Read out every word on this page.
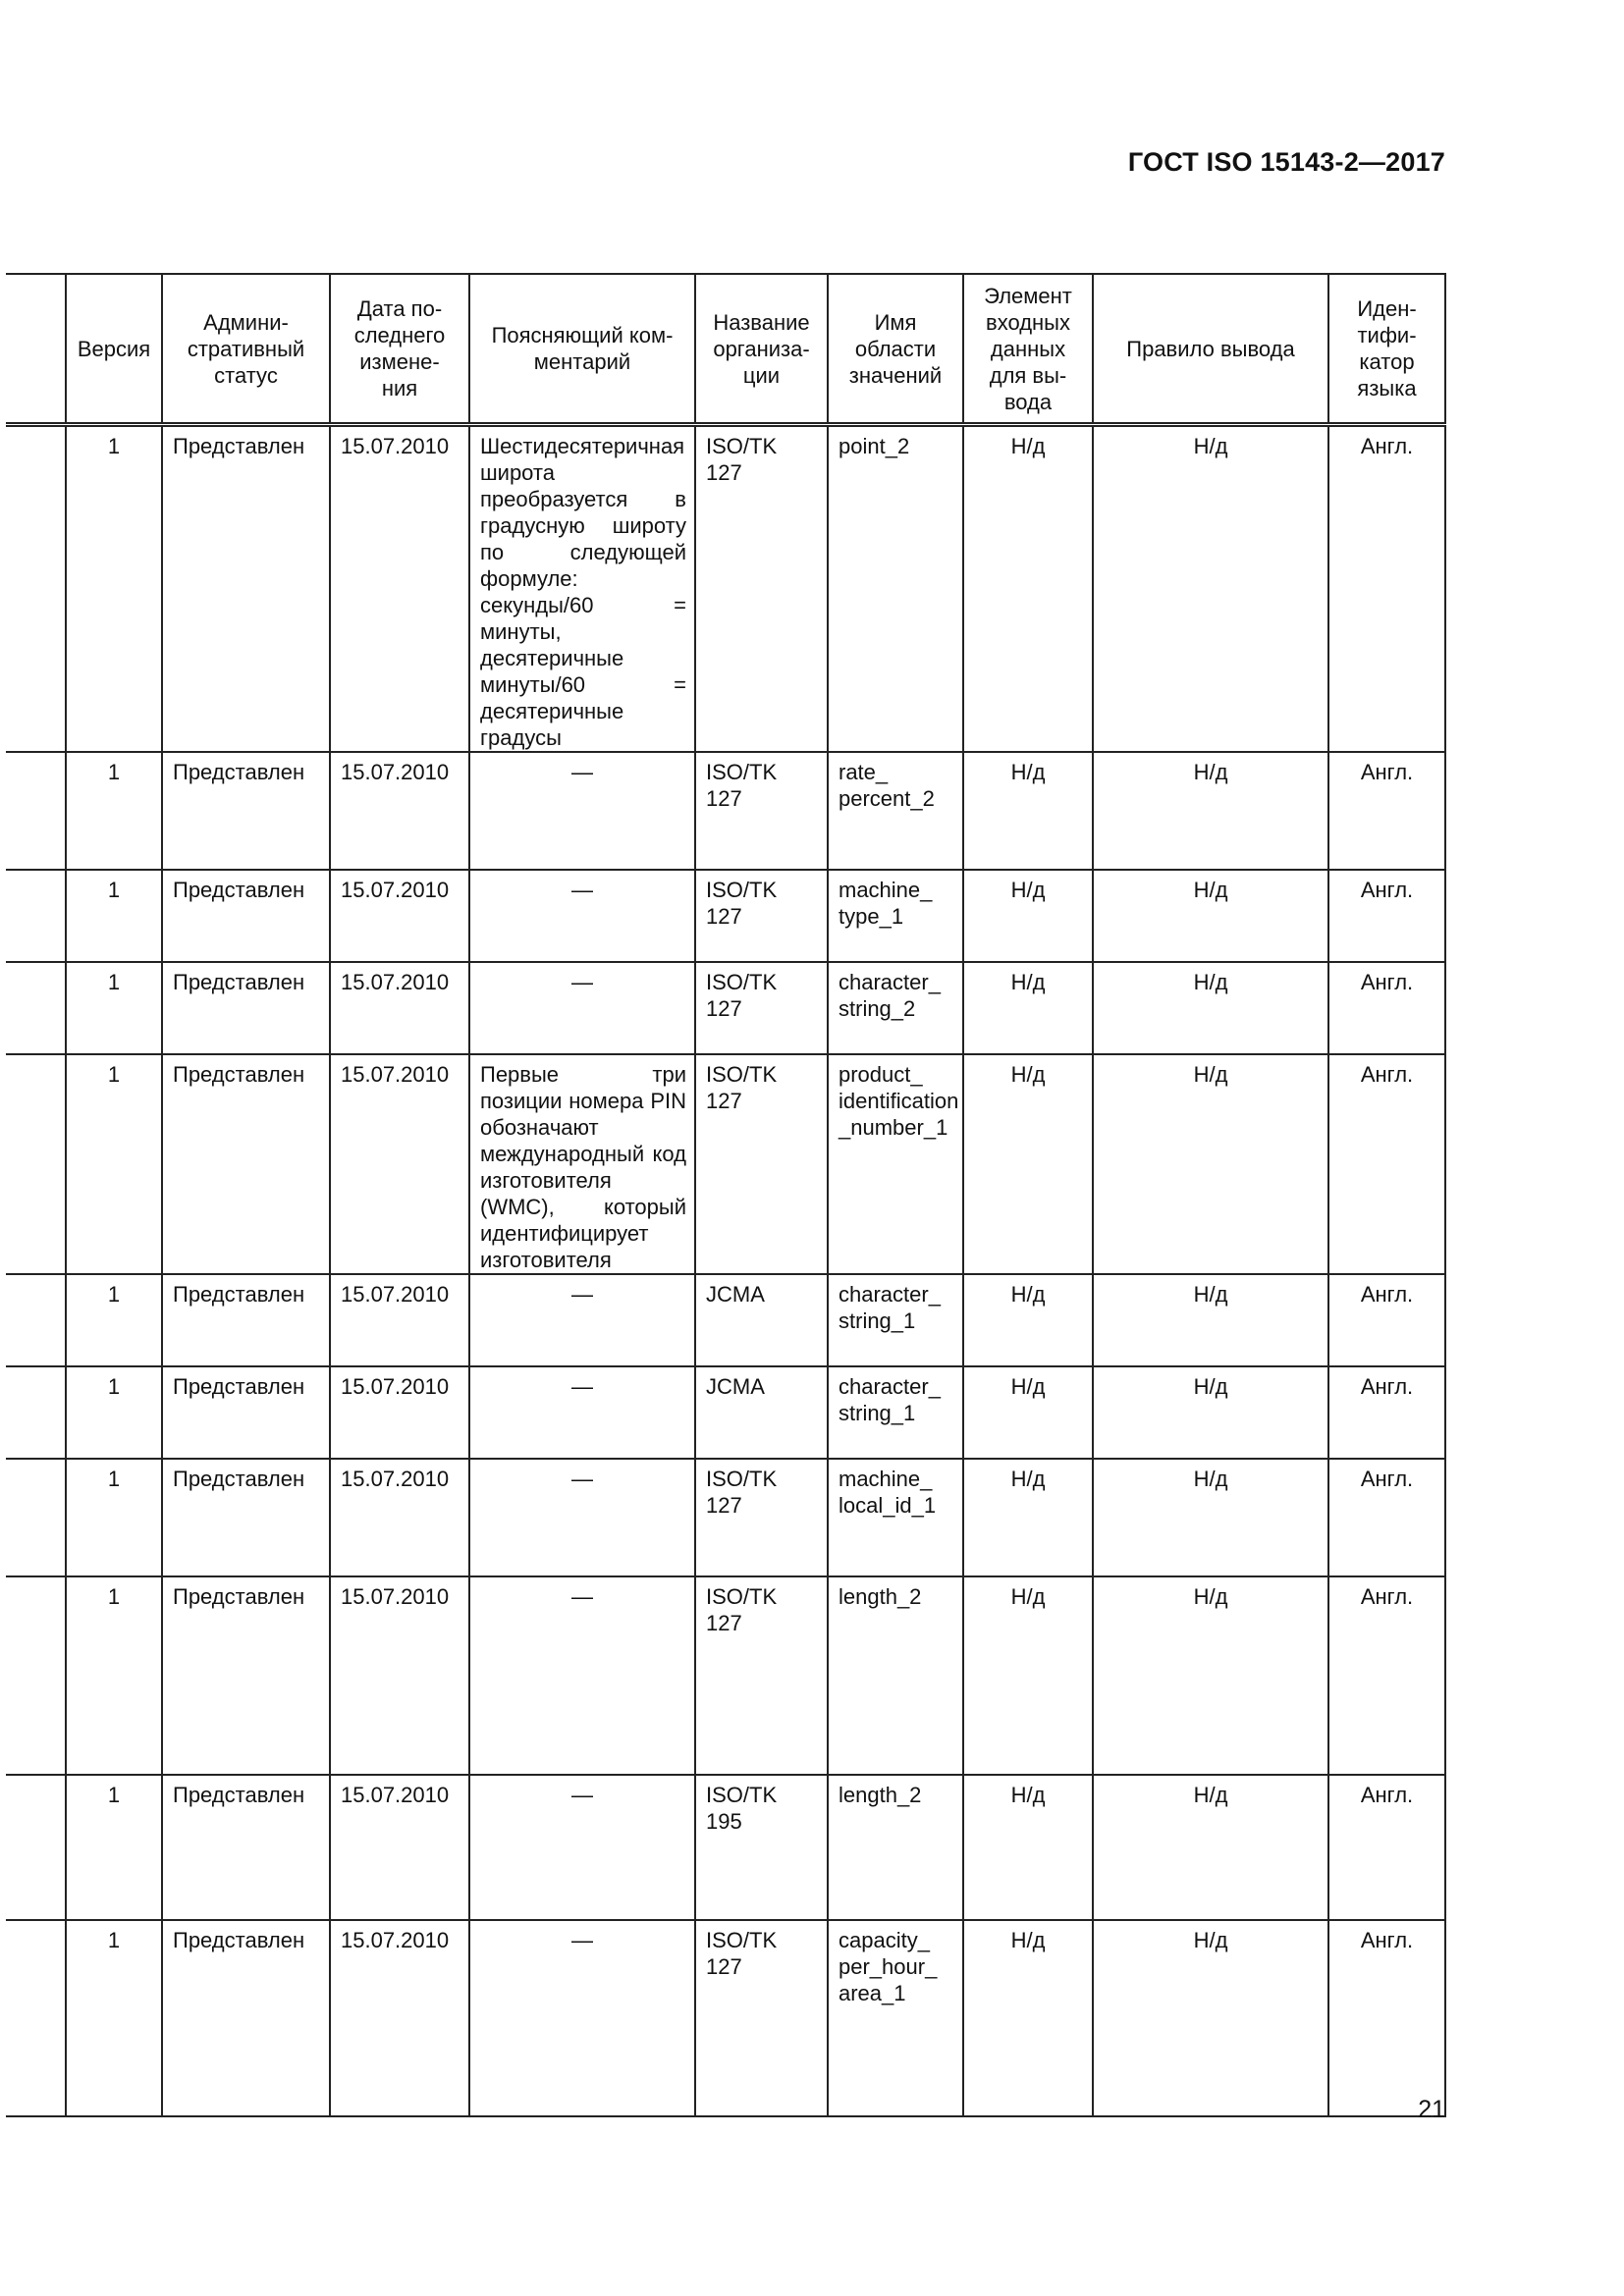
ГОСТ ISO 15143-2—2017
	Версия	Админи-
стративный
статус	Дата по-
следнего
измене-
ния	Поясняющий ком-
ментарий	Название
организа-
ции	Имя
области
значений	Элемент
входных
данных
для вы-
вода	Правило вывода	Иден-
тифи-
катор
языка
	1	Представлен	15.07.2010	Шестидесятеричная широта преобразуется в градусную широту по следующей формуле: секунды/60 = минуты, десятеричные минуты/60 = десятеричные градусы	ISO/TK
127	point_2	Н/д	Н/д	Англ.
	1	Представлен	15.07.2010	—	ISO/TK
127	rate_
percent_2	Н/д	Н/д	Англ.
	1	Представлен	15.07.2010	—	ISO/TK
127	machine_
type_1	Н/д	Н/д	Англ.
	1	Представлен	15.07.2010	—	ISO/TK
127	character_
string_2	Н/д	Н/д	Англ.
	1	Представлен	15.07.2010	Первые три позиции номера PIN обозначают международный код изготовителя (WMC), который идентифицирует изготовителя	ISO/TK
127	product_
identification
_number_1	Н/д	Н/д	Англ.
	1	Представлен	15.07.2010	—	JCMA	character_
string_1	Н/д	Н/д	Англ.
	1	Представлен	15.07.2010	—	JCMA	character_
string_1	Н/д	Н/д	Англ.
	1	Представлен	15.07.2010	—	ISO/TK
127	machine_
local_id_1	Н/д	Н/д	Англ.
	1	Представлен	15.07.2010	—	ISO/TK
127	length_2	Н/д	Н/д	Англ.
	1	Представлен	15.07.2010	—	ISO/TK
195	length_2	Н/д	Н/д	Англ.
	1	Представлен	15.07.2010	—	ISO/TK
127	capacity_
per_hour_
area_1	Н/д	Н/д	Англ.
21
